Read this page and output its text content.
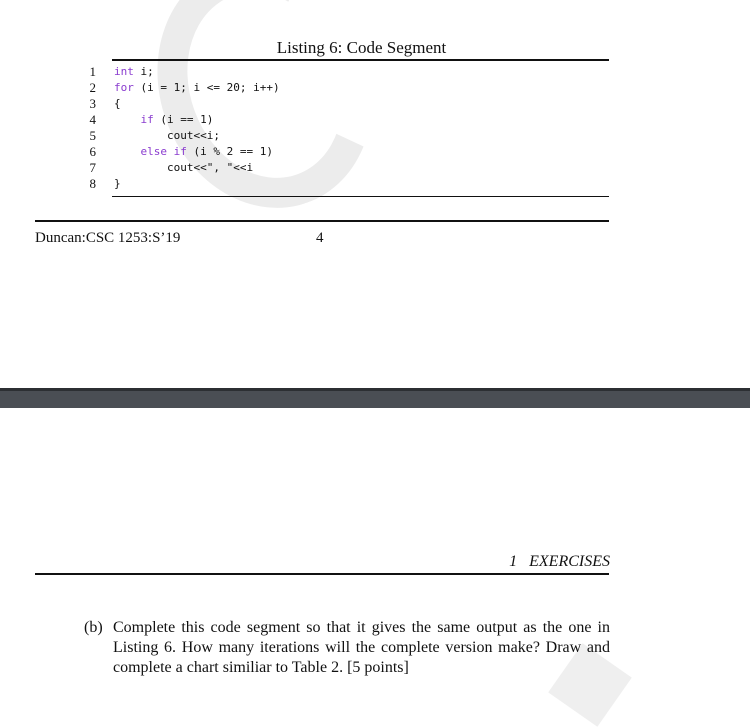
Listing 6: Code Segment
1 int i;
2 for (i = 1; i <= 20; i++)
3 {
4	if (i == 1)
5 cout<<i;
6	else if (i % 2 == 1)
7 cout<<", "<<i
8 }
Duncan:CSC 1253:S’19	4
1 EXERCISES
(b) Complete this code segment so that it gives the same output as the one in Listing 6. How many iterations will the complete version make? Draw and complete a chart similiar to Table 2. [5 points]
